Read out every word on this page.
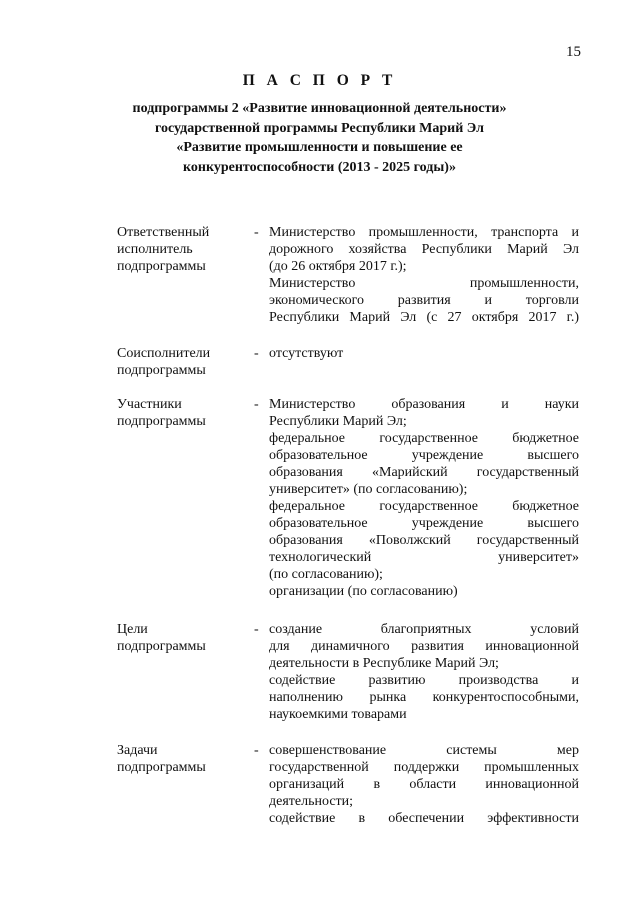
15
П А С П О Р Т
подпрограммы 2 «Развитие инновационной деятельности»
государственной программы Республики Марий Эл
«Развитие промышленности и повышение ее
конкурентоспособности (2013 - 2025 годы)»
Ответственный
исполнитель
подпрограммы
- Министерство промышленности, транспорта и
дорожного хозяйства Республики Марий Эл
(до 26 октября 2017 г.);
Министерство промышленности,
экономического развития и торговли
Республики Марий Эл (с 27 октября 2017 г.)
Соисполнители
подпрограммы
- отсутствуют
Участники
подпрограммы
- Министерство образования и науки
Республики Марий Эл;
федеральное государственное бюджетное
образовательное учреждение высшего
образования «Марийский государственный
университет» (по согласованию);
федеральное государственное бюджетное
образовательное учреждение высшего
образования «Поволжский государственный
технологический университет»
(по согласованию);
организации (по согласованию)
Цели
подпрограммы
- создание благоприятных условий
для динамичного развития инновационной
деятельности в Республике Марий Эл;
содействие развитию производства и
наполнению рынка конкурентоспособными,
наукоемкими товарами
Задачи
подпрограммы
- совершенствование системы мер
государственной поддержки промышленных
организаций в области инновационной
деятельности;
содействие в обеспечении эффективности
